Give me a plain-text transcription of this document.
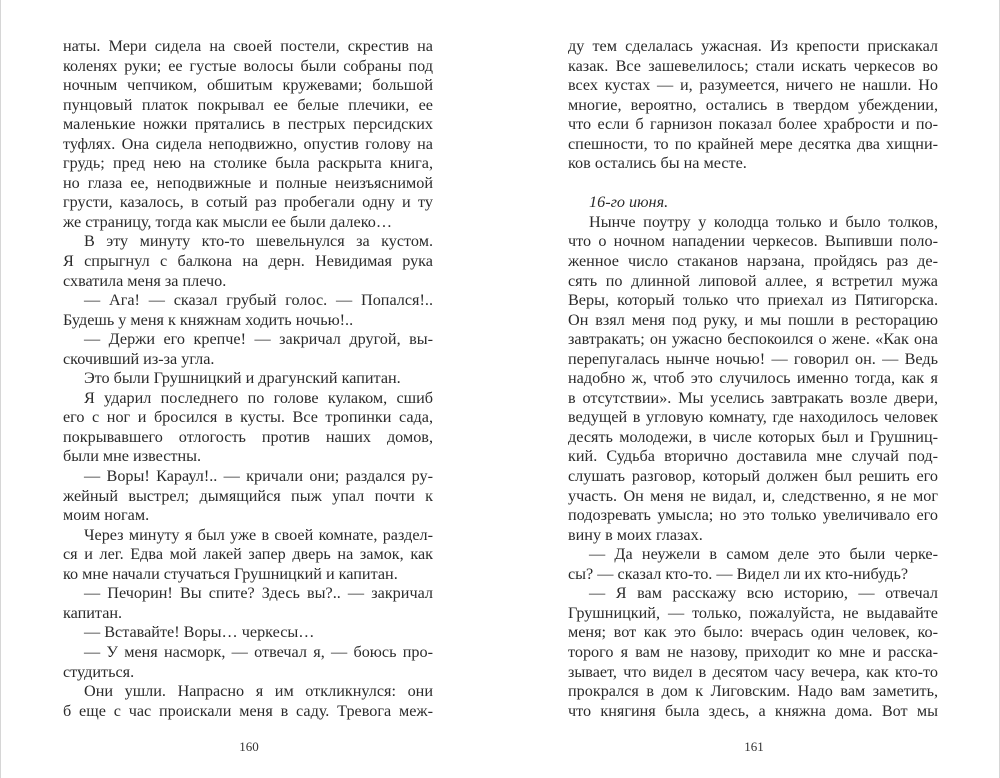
наты. Мери сидела на своей постели, скрестив на
коленях руки; ее густые волосы были собраны под
ночным чепчиком, обшитым кружевами; большой
пунцовый платок покрывал ее белые плечики, ее
маленькие ножки прятались в пестрых персидских
туфлях. Она сидела неподвижно, опустив голову на
грудь; пред нею на столике была раскрыта книга,
но глаза ее, неподвижные и полные неизъяснимой
грусти, казалось, в сотый раз пробегали одну и ту
же страницу, тогда как мысли ее были далеко…
В эту минуту кто-то шевельнулся за кустом.
Я спрыгнул с балкона на дерн. Невидимая рука
схватила меня за плечо.
— Ага! — сказал грубый голос. — Попался!..
Будешь у меня к княжнам ходить ночью!..
— Держи его крепче! — закричал другой, вы-
скочивший из-за угла.
Это были Грушницкий и драгунский капитан.
Я ударил последнего по голове кулаком, сшиб
его с ног и бросился в кусты. Все тропинки сада,
покрывавшего отлогость против наших домов,
были мне известны.
— Воры! Караул!.. — кричали они; раздался ру-
жейный выстрел; дымящийся пыж упал почти к
моим ногам.
Через минуту я был уже в своей комнате, раздел-
ся и лег. Едва мой лакей запер дверь на замок, как
ко мне начали стучаться Грушницкий и капитан.
— Печорин! Вы спите? Здесь вы?.. — закричал
капитан.
— Вставайте! Воры… черкесы…
— У меня насморк, — отвечал я, — боюсь про-
студиться.
Они ушли. Напрасно я им откликнулся: они
б еще с час проискали меня в саду. Тревога меж-
ду тем сделалась ужасная. Из крепости прискакал
казак. Все зашевелилось; стали искать черкесов во
всех кустах — и, разумеется, ничего не нашли. Но
многие, вероятно, остались в твердом убеждении,
что если б гарнизон показал более храбрости и по-
спешности, то по крайней мере десятка два хищни-
ков остались бы на месте.
16-го июня.
Нынче поутру у колодца только и было толков,
что о ночном нападении черкесов. Выпивши поло-
женное число стаканов нарзана, пройдясь раз де-
сять по длинной липовой аллее, я встретил мужа
Веры, который только что приехал из Пятигорска.
Он взял меня под руку, и мы пошли в ресторацию
завтракать; он ужасно беспокоился о жене. «Как она
перепугалась нынче ночью! — говорил он. — Ведь
надобно ж, чтоб это случилось именно тогда, как я
в отсутствии». Мы уселись завтракать возле двери,
ведущей в угловую комнату, где находилось человек
десять молодежи, в числе которых был и Грушниц-
кий. Судьба вторично доставила мне случай под-
слушать разговор, который должен был решить его
участь. Он меня не видал, и, следственно, я не мог
подозревать умысла; но это только увеличивало его
вину в моих глазах.
— Да неужели в самом деле это были черке-
сы? — сказал кто-то. — Видел ли их кто-нибудь?
— Я вам расскажу всю историю, — отвечал
Грушницкий, — только, пожалуйста, не выдавайте
меня; вот как это было: вчерась один человек, ко-
торого я вам не назову, приходит ко мне и расска-
зывает, что видел в десятом часу вечера, как кто-то
прокрался в дом к Лиговским. Надо вам заметить,
что княгиня была здесь, а княжна дома. Вот мы
160	161
